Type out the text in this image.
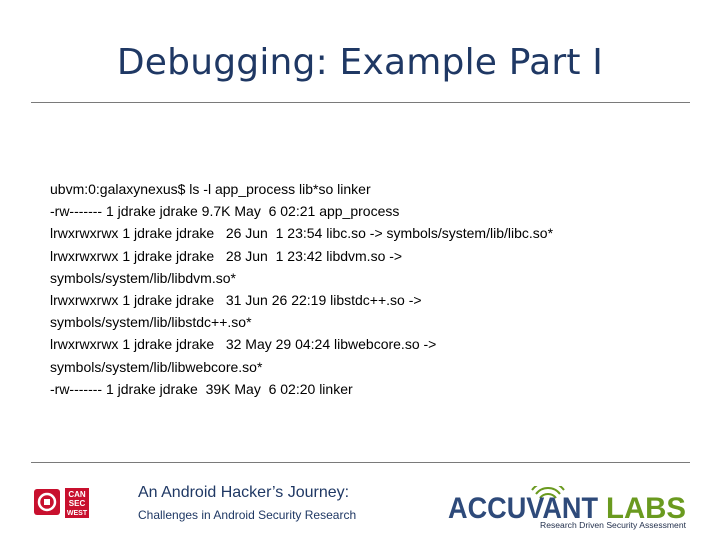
Debugging: Example Part I
ubvm:0:galaxynexus$ ls -l app_process lib*so linker
-rw------- 1 jdrake jdrake 9.7K May  6 02:21 app_process
lrwxrwxrwx 1 jdrake jdrake   26 Jun  1 23:54 libc.so -> symbols/system/lib/libc.so*
lrwxrwxrwx 1 jdrake jdrake   28 Jun  1 23:42 libdvm.so ->
symbols/system/lib/libdvm.so*
lrwxrwxrwx 1 jdrake jdrake   31 Jun 26 22:19 libstdc++.so ->
symbols/system/lib/libstdc++.so*
lrwxrwxrwx 1 jdrake jdrake   32 May 29 04:24 libwebcore.so ->
symbols/system/lib/libwebcore.so*
-rw------- 1 jdrake jdrake  39K May  6 02:20 linker
CAN
SEC
WEST
An Android Hacker’s Journey:
Challenges in Android Security Research	ACCUVANT LABS
Research Driven Security Assessment
